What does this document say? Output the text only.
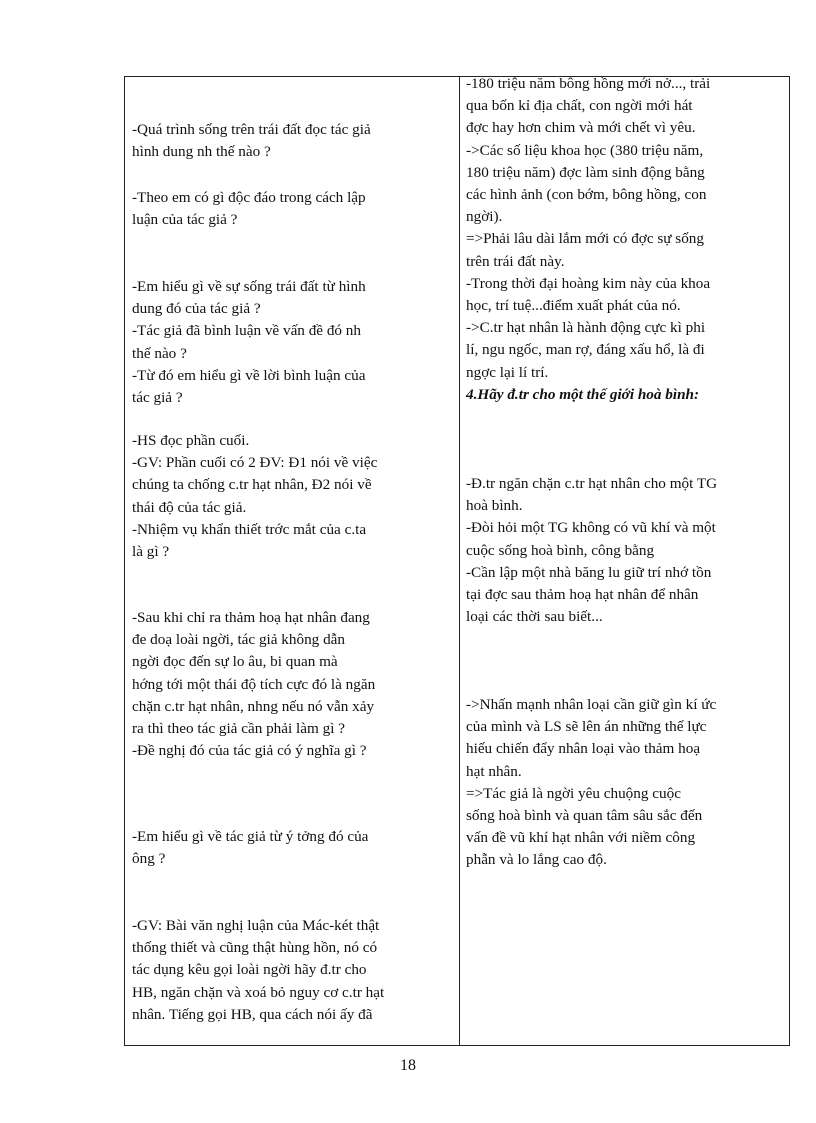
-Quá trình sống trên trái đất đọc tác giả
hình dung nh thế nào ?
-Theo em có gì độc đáo trong cách lập
luận của tác giả ?
-Em hiểu gì về sự sống trái đất từ hình
dung đó của tác giả ?
-Tác giả đã bình luận về vấn đề đó nh
thế nào ?
-Từ đó em hiểu gì về lời bình luận của
tác giả ?
-HS đọc phần cuối.
-GV: Phần cuối có 2 ĐV: Đ1 nói về việc
chúng ta chống c.tr hạt nhân, Đ2 nói về
thái độ của tác giả.
-Nhiệm vụ khẩn thiết trớc mắt của c.ta
là gì ?
-Sau khi chỉ ra thảm hoạ hạt nhân đang
đe doạ loài ngời, tác giả không dẫn
ngời đọc đến sự lo âu, bi quan mà
hớng tới một thái độ tích cực đó là ngăn
chặn c.tr hạt nhân, nhng nếu nó vẫn xảy
ra thì theo tác giả cần phải làm gì ?
-Đề nghị đó của tác giả có ý nghĩa gì ?
-Em hiểu gì về tác giả từ ý tởng đó của
ông ?
-GV: Bài văn nghị luận của Mác-két thật
thống thiết và cũng thật hùng hồn, nó có
tác dụng kêu gọi loài ngời hãy đ.tr cho
HB, ngăn chặn và xoá bỏ nguy cơ c.tr hạt
nhân. Tiếng gọi HB, qua cách nói ấy đã
-180 triệu năm bông hồng mới nở..., trải
qua bốn kỉ địa chất, con ngời mới hát
đợc hay hơn chim và mới chết vì yêu.
->Các số liệu khoa học (380 triệu năm,
180 triệu năm) đợc làm sinh động bằng
các hình ảnh (con bớm, bông hồng, con
ngời).
=>Phải lâu dài lắm mới có đợc sự sống
trên trái đất này.
-Trong thời đại hoàng kim này của khoa
học, trí tuệ...điểm xuất phát của nó.
->C.tr hạt nhân là hành động cực kì phi
lí, ngu ngốc, man rợ, đáng xấu hổ, là đi
ngợc lại lí trí.
4.Hãy đ.tr cho một thế giới hoà bình:
-Đ.tr ngăn chặn c.tr hạt nhân cho một TG
hoà bình.
-Đòi hỏi một TG không có vũ khí và một
cuộc sống hoà bình, công bằng
-Cần lập một nhà băng lu giữ trí nhớ tồn
tại đợc sau thảm hoạ hạt nhân để nhân
loại các thời sau biết...
->Nhấn mạnh nhân loại cần giữ gìn kí ức
của mình và LS sẽ lên án những thế lực
hiếu chiến đẩy nhân loại vào thảm hoạ
hạt nhân.
=>Tác giả là ngời yêu chuộng cuộc
sống hoà bình và quan tâm sâu sắc đến
vấn đề vũ khí hạt nhân với niềm công
phẫn và lo lắng cao độ.
18
